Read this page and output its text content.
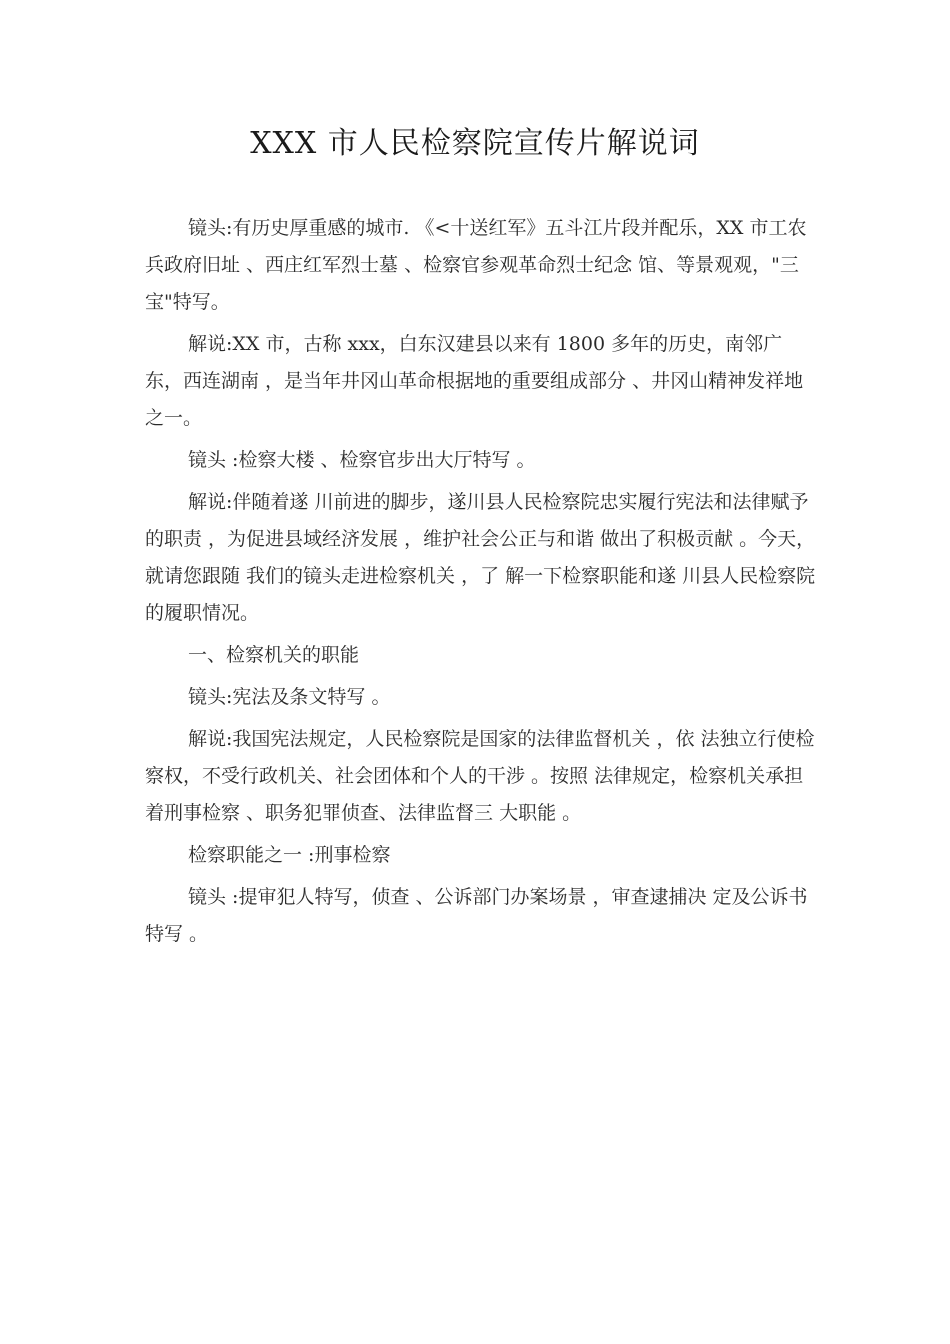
XXX 市人民检察院宣传片解说词

镜头:有历史厚重感的城市. 《<十送红军》五斗江片段并配乐，XX 市工农兵政府旧址 、西庄红军烈士墓 、检察官参观革命烈士纪念 馆、等景观观，"三宝"特写。

解说:XX 市，古称 xxx，白东汉建县以来有 1800 多年的历史，南邻广东，西连湖南 ，是当年井冈山革命根据地的重要组成部分 、井冈山精神发祥地之一。

镜头 :检察大楼 、检察官步出大厅特写 。

解说:伴随着遂 川前进的脚步，遂川县人民检察院忠实履行宪法和法律赋予的职责 ，为促进县域经济发展 ，维护社会公正与和谐 做出了积极贡献 。今天，就请您跟随 我们的镜头走进检察机关 ，了 解一下检察职能和遂 川县人民检察院的履职情况。

一、检察机关的职能

镜头:宪法及条文特写 。

解说:我国宪法规定，人民检察院是国家的法律监督机关 ，依 法独立行使检察权，不受行政机关、社会团体和个人的干涉 。按照 法律规定，检察机关承担着刑事检察 、职务犯罪侦查、法律监督三 大职能 。

检察职能之一 :刑事检察

镜头 :提审犯人特写，侦查 、公诉部门办案场景 ，审查逮捕决 定及公诉书特写 。
